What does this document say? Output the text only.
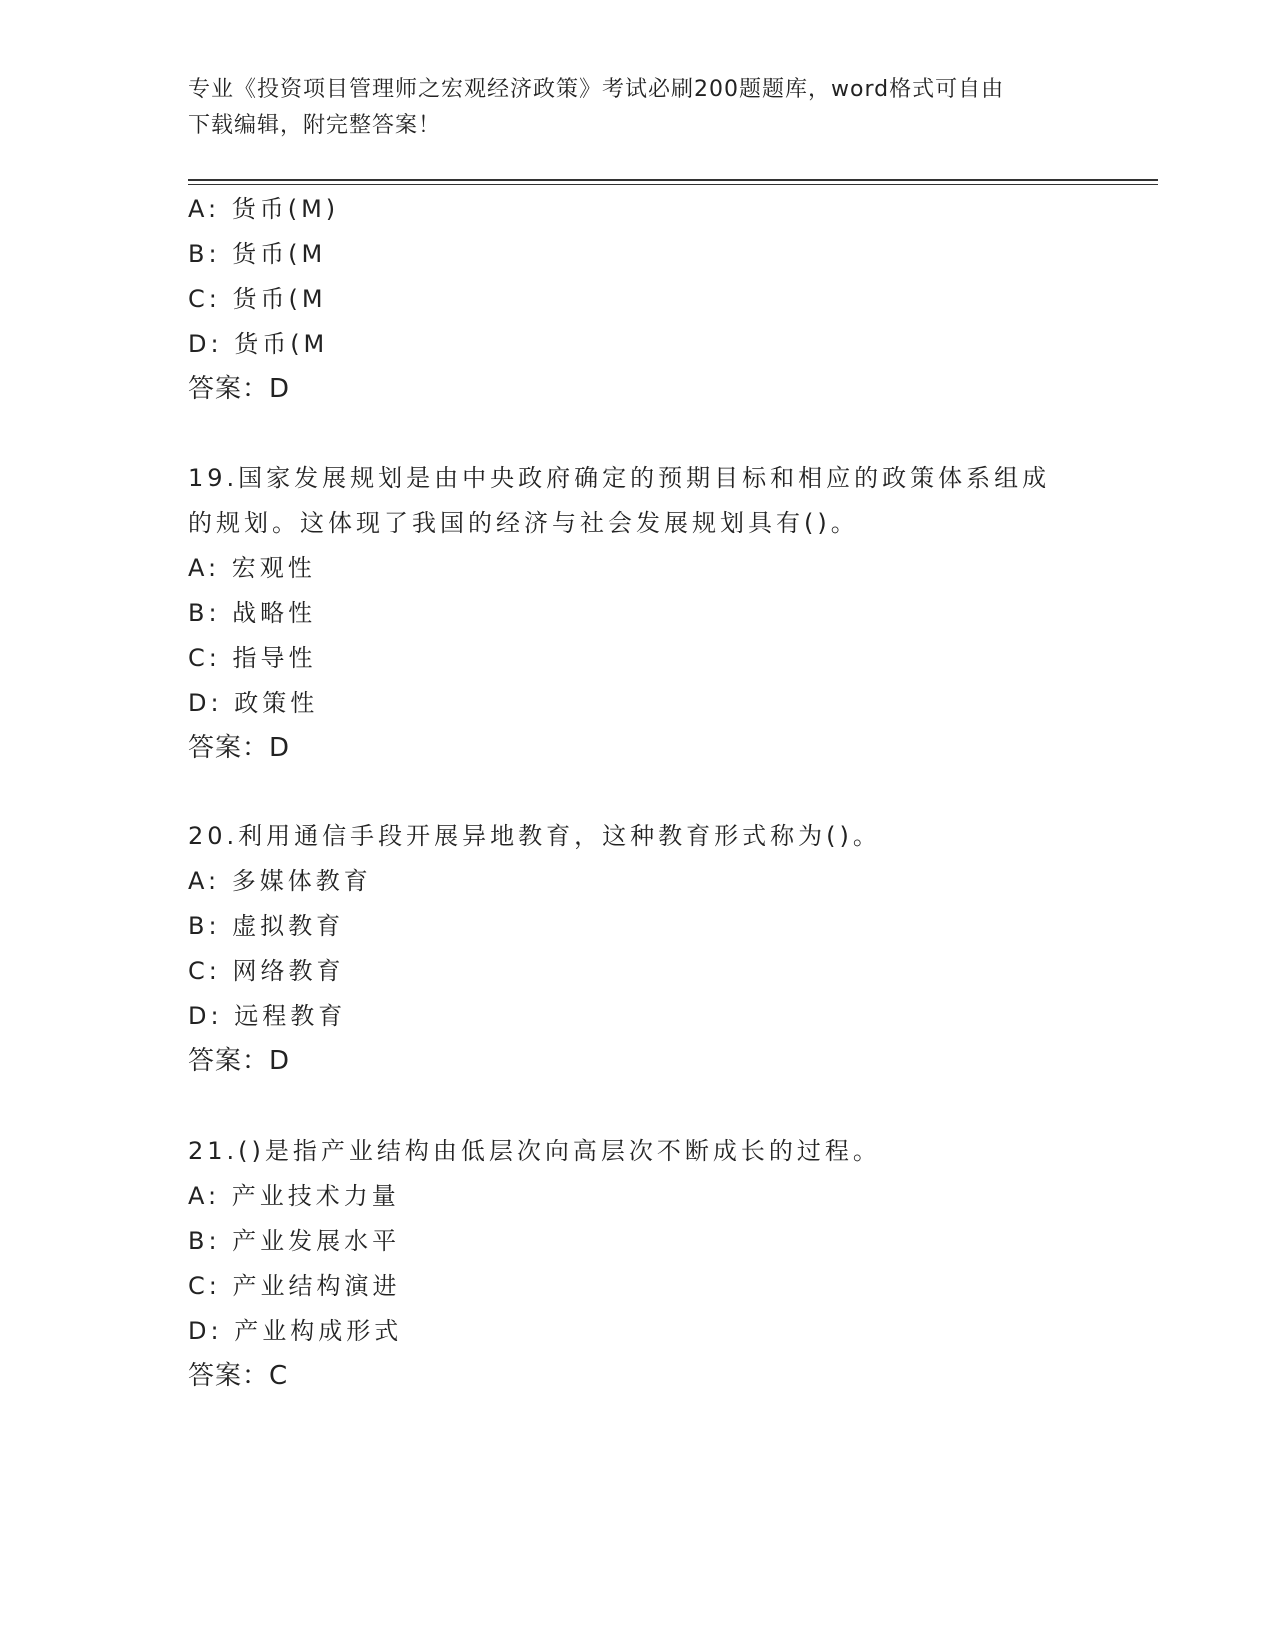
专业《投资项目管理师之宏观经济政策》考试必刷200题题库，word格式可自由
下载编辑，附完整答案！
A: 货币(M)
B: 货币(M
C: 货币(M
D: 货币(M
答案：D
19.国家发展规划是由中央政府确定的预期目标和相应的政策体系组成
的规划。这体现了我国的经济与社会发展规划具有()。
A: 宏观性
B: 战略性
C: 指导性
D: 政策性
答案：D
20.利用通信手段开展异地教育，这种教育形式称为()。
A: 多媒体教育
B: 虚拟教育
C: 网络教育
D: 远程教育
答案：D
21.()是指产业结构由低层次向高层次不断成长的过程。
A: 产业技术力量
B: 产业发展水平
C: 产业结构演进
D: 产业构成形式
答案：C
